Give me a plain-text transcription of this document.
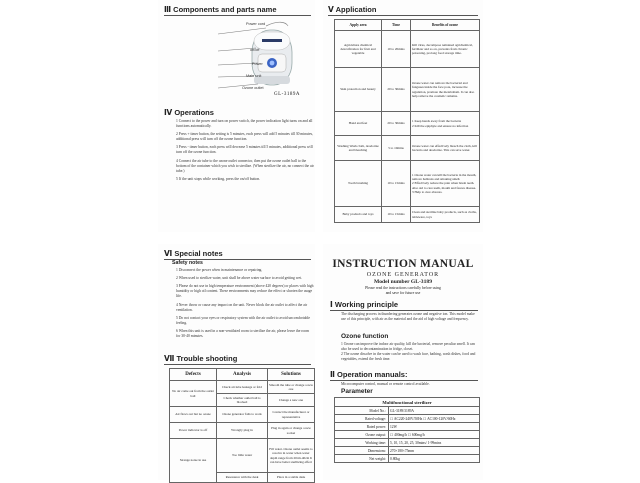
Ⅲ Components and parts name
Power cord
on/off
Power
Main unit
Ozone outlet
GL-3189A
Ⅳ Operations

1 Connect to the power and turn on power switch, the power indication light turns on and all functions automatically.

2 Press + timer button, the setting is 5 minutes, each press will add 5 minutes till 30 minutes, additional press will turn off the ozone function.

3 Press - timer button, each press will decrease 5 minutes till 5 minutes, additional press will turn off the ozone function.

4 Connect the air tube to the ozone outlet connector, then put the ozone outlet ball to the bottom of the container which you wish to sterilize. (When sterilize the air, no connect the air tube.)

5 If the unit stops while working, press the on/off button.

Ⅴ Application
Apply area	Time	Benefits of ozone
Agriculture chemical detoxification for fruit and vegetable	10 to 20mins	Kill virus, decompose remained agrichemical, fertilizer and so on, prevents from chronic poisoning, prolong food storage time.
Skin protection and beauty	20 to 30mins	Ozone water can remove the bacterial and funguses inside the face pore, increase the regulation, promote the metabolism. It can also help remove the cosmetic remains.
Hand and feet	20 to 30mins	1 Keep hands away from the bacteria
2 Kill the epiphyte and ensure no infection
Washing Wash cloth, deodorize and bleaching	5 to 10mins	Ozone water can effectively bleach the cloth, kill bacteria and deodorize. This can save water.
Tooth brushing	10 to 15mins	1 Ozone water can kill the bacteria in the mouth, remove halitosis and smoking smell.
2 Effectively reduce the pain when brush teeth. Also aid to care teeth, mouth and fauces disease.
3 Help to cure abscess.
Baby products and toys	10 to 15mins	Clean and sterilize baby products, such as cloths, tableware, toys
Ⅵ Special notes
Safety notes

1 Disconnect the power when in maintenance or repairing.

2 When used to sterilize water, unit shall be above water surface to avoid getting wet.

3 Please do not use in high temperature environment (above 420 degrees) or places with high humidity or high oil content. These environments may reduce the effect or shorten the usage life.

4 Never throw or cause any impact on the unit. Never block the air outlet to affect the air ventilation.

5 Do not contact your eyes or respiratory system with the air outlet to avoid uncomfortable feeling.

6 When this unit is used in a non-ventilated room to sterilize the air, please leave the room for 30-40 minutes.

Ⅶ Trouble shooting
Defects	Analysis	Solutions
No air come out from the outlet ball	Check air tube leakage or fold	Smooth the tube or change a new one
	Check whether outlet ball is blocked	Change a new one
Air flows out but no ozone	Ozone generator fails to work	Contact the manufacturer or representative
Power indicator is off	Wrongly plug in	Plug in again or change a new socket
Strange noise in use	Too little water	Fill water. Ozone outlet seems to resolve in water when water depth range from 20cm-40cm It can have better sterilizing effect
	Resonance with the desk	Place in a stable desk
INSTRUCTION MANUAL
OZONE GENERATOR
Model number GL-3189
Please read the instructions carefully before using and save for future use
Ⅰ Working principle
The discharging process in thundering generates ozone and negative ion. This model make use of this principle, with air as the material and the aid of high voltage and frequency.
Ozone function
1 Ozone can improve the indoor air quality, kill the bacterial, remove peculiar smell. It can also be used to decontamination in fridge, closet.
2 The ozone dissolve in the water can be used to wash face, bathing, wash dishes, food and vegetables, extend the fresh time.
Ⅱ Operation manuals:
Microcomputer control, manual or remote control available.
Parameter
Multifunctional sterilizer	
Model No.:	GL-3189/3189A
Rated voltage:	☐ AC220-240V/50Hz ☐ AC100-120V/60Hz
Rated power:	12W
Ozone output:	☐ 400mg/h ☐ 600mg/h
Working time:	5, 10, 15, 20, 25, 30mins/ 1-99mins
Dimensions:	270×180×75mm
Net weight:	0.80kg
